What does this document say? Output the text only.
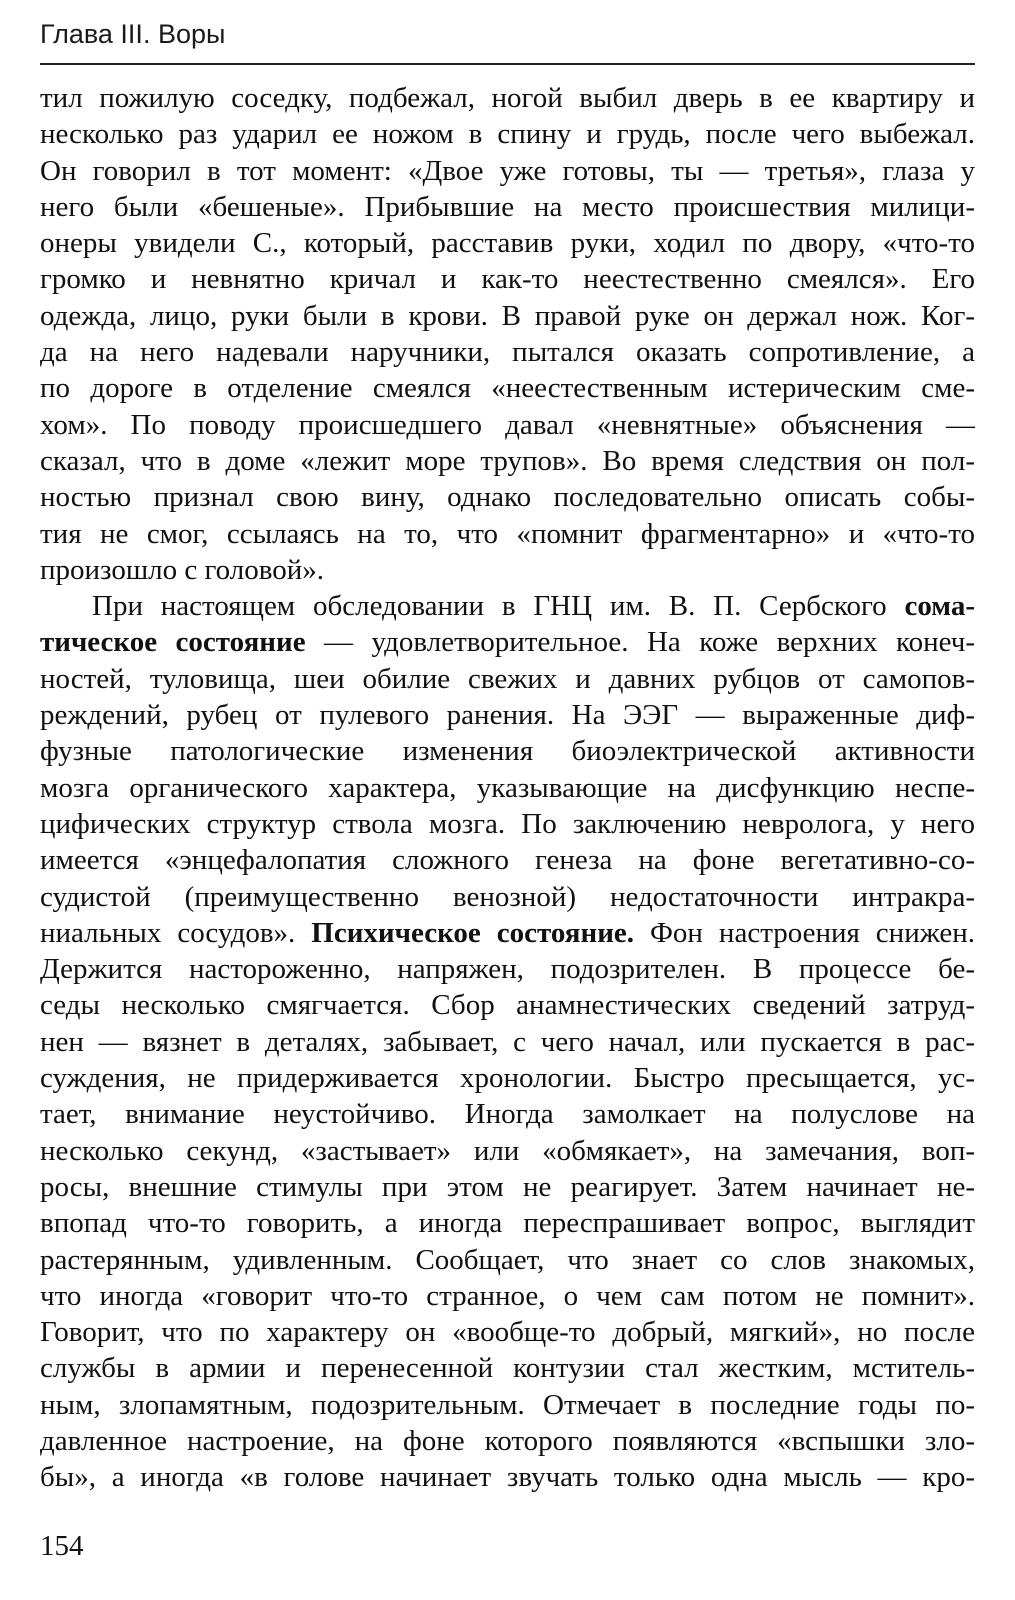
Глава III. Воры
тил пожилую соседку, подбежал, ногой выбил дверь в ее квартиру и
несколько раз ударил ее ножом в спину и грудь, после чего выбежал.
Он говорил в тот момент: «Двое уже готовы, ты — третья», глаза у
него были «бешеные». Прибывшие на место происшествия милици-
онеры увидели С., который, расставив руки, ходил по двору, «что-то
громко и невнятно кричал и как-то неестественно смеялся». Его
одежда, лицо, руки были в крови. В правой руке он держал нож. Ког-
да на него надевали наручники, пытался оказать сопротивление, а
по дороге в отделение смеялся «неестественным истерическим сме-
хом». По поводу происшедшего давал «невнятные» объяснения —
сказал, что в доме «лежит море трупов». Во время следствия он пол-
ностью признал свою вину, однако последовательно описать собы-
тия не смог, ссылаясь на то, что «помнит фрагментарно» и «что-то
произошло с головой».
При настоящем обследовании в ГНЦ им. В. П. Сербского сома-
тическое состояние — удовлетворительное. На коже верхних конеч-
ностей, туловища, шеи обилие свежих и давних рубцов от самопов-
реждений, рубец от пулевого ранения. На ЭЭГ — выраженные диф-
фузные патологические изменения биоэлектрической активности
мозга органического характера, указывающие на дисфункцию неспе-
цифических структур ствола мозга. По заключению невролога, у него
имеется «энцефалопатия сложного генеза на фоне вегетативно-со-
судистой (преимущественно венозной) недостаточности интракра-
ниальных сосудов». Психическое состояние. Фон настроения снижен.
Держится настороженно, напряжен, подозрителен. В процессе бе-
седы несколько смягчается. Сбор анамнестических сведений затруд-
нен — вязнет в деталях, забывает, с чего начал, или пускается в рас-
суждения, не придерживается хронологии. Быстро пресыщается, ус-
тает, внимание неустойчиво. Иногда замолкает на полуслове на
несколько секунд, «застывает» или «обмякает», на замечания, воп-
росы, внешние стимулы при этом не реагирует. Затем начинает не-
впопад что-то говорить, а иногда переспрашивает вопрос, выглядит
растерянным, удивленным. Сообщает, что знает со слов знакомых,
что иногда «говорит что-то странное, о чем сам потом не помнит».
Говорит, что по характеру он «вообще-то добрый, мягкий», но после
службы в армии и перенесенной контузии стал жестким, мститель-
ным, злопамятным, подозрительным. Отмечает в последние годы по-
давленное настроение, на фоне которого появляются «вспышки зло-
бы», а иногда «в голове начинает звучать только одна мысль — кро-
154
